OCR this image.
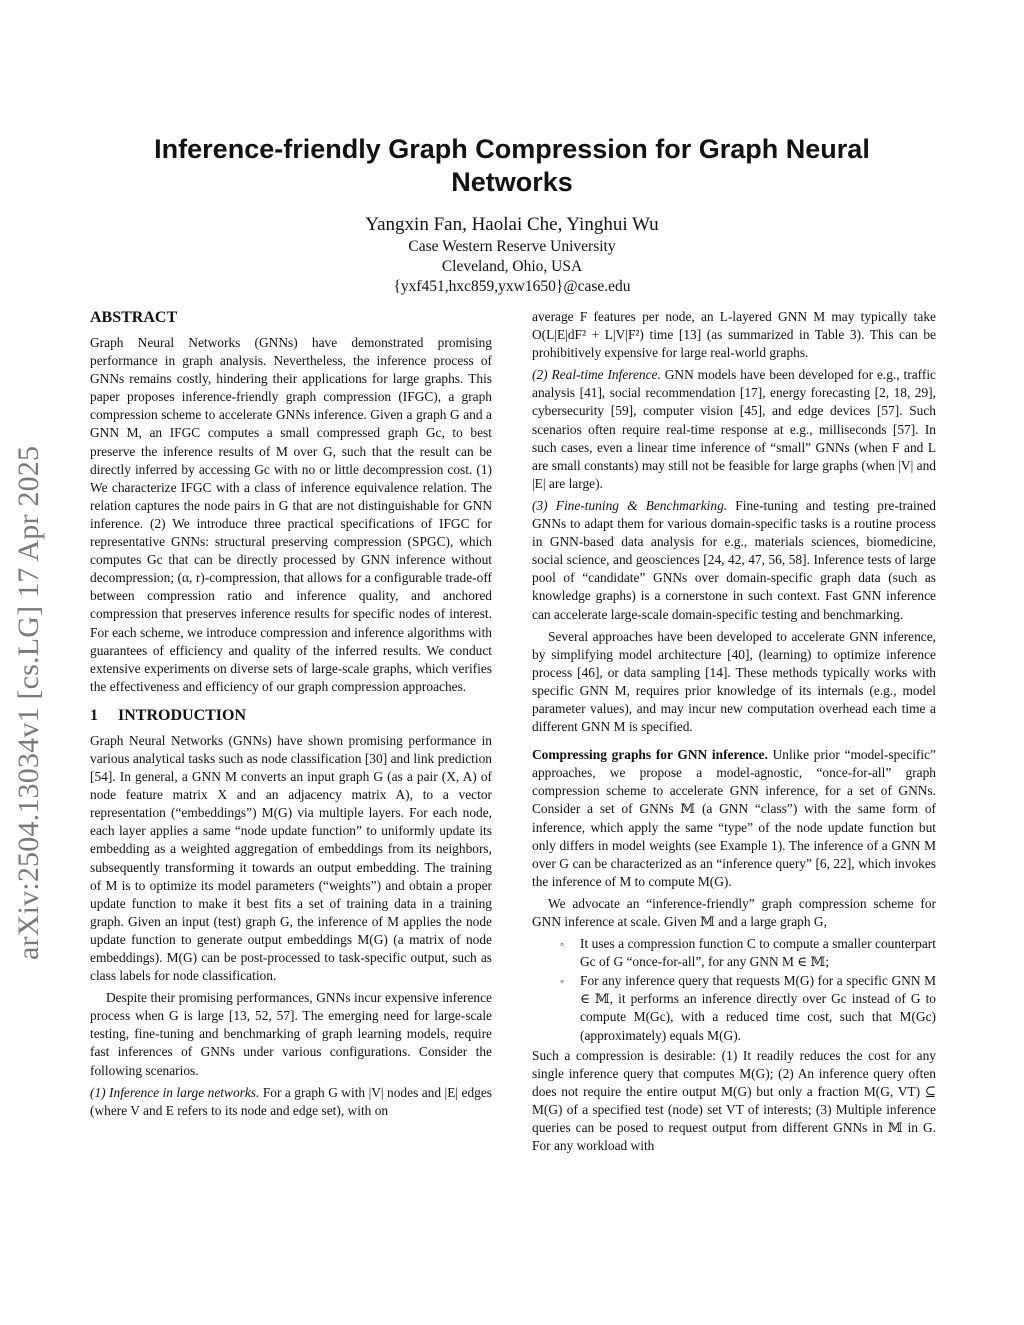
arXiv:2504.13034v1 [cs.LG] 17 Apr 2025
Inference-friendly Graph Compression for Graph Neural Networks
Yangxin Fan, Haolai Che, Yinghui Wu
Case Western Reserve University
Cleveland, Ohio, USA
{yxf451,hxc859,yxw1650}@case.edu
ABSTRACT

Graph Neural Networks (GNNs) have demonstrated promising performance in graph analysis. Nevertheless, the inference process of GNNs remains costly, hindering their applications for large graphs. This paper proposes inference-friendly graph compression (IFGC), a graph compression scheme to accelerate GNNs inference. Given a graph G and a GNN M, an IFGC computes a small compressed graph Gc, to best preserve the inference results of M over G, such that the result can be directly inferred by accessing Gc with no or little decompression cost. (1) We characterize IFGC with a class of inference equivalence relation. The relation captures the node pairs in G that are not distinguishable for GNN inference. (2) We introduce three practical specifications of IFGC for representative GNNs: structural preserving compression (SPGC), which computes Gc that can be directly processed by GNN inference without decompression; (α, r)-compression, that allows for a configurable trade-off between compression ratio and inference quality, and anchored compression that preserves inference results for specific nodes of interest. For each scheme, we introduce compression and inference algorithms with guarantees of efficiency and quality of the inferred results. We conduct extensive experiments on diverse sets of large-scale graphs, which verifies the effectiveness and efficiency of our graph compression approaches.

1 INTRODUCTION

Graph Neural Networks (GNNs) have shown promising performance in various analytical tasks such as node classification [30] and link prediction [54]. In general, a GNN M converts an input graph G (as a pair (X, A) of node feature matrix X and an adjacency matrix A), to a vector representation (“embeddings”) M(G) via multiple layers. For each node, each layer applies a same “node update function” to uniformly update its embedding as a weighted aggregation of embeddings from its neighbors, subsequently transforming it towards an output embedding. The training of M is to optimize its model parameters (“weights”) and obtain a proper update function to make it best fits a set of training data in a training graph. Given an input (test) graph G, the inference of M applies the node update function to generate output embeddings M(G) (a matrix of node embeddings). M(G) can be post-processed to task-specific output, such as class labels for node classification.

Despite their promising performances, GNNs incur expensive inference process when G is large [13, 52, 57]. The emerging need for large-scale testing, fine-tuning and benchmarking of graph learning models, require fast inferences of GNNs under various configurations. Consider the following scenarios.

(1) Inference in large networks. For a graph G with |V| nodes and |E| edges (where V and E refers to its node and edge set), with on

average F features per node, an L-layered GNN M may typically take O(L|E|dF² + L|V|F²) time [13] (as summarized in Table 3). This can be prohibitively expensive for large real-world graphs.

(2) Real-time Inference. GNN models have been developed for e.g., traffic analysis [41], social recommendation [17], energy forecasting [2, 18, 29], cybersecurity [59], computer vision [45], and edge devices [57]. Such scenarios often require real-time response at e.g., milliseconds [57]. In such cases, even a linear time inference of “small” GNNs (when F and L are small constants) may still not be feasible for large graphs (when |V| and |E| are large).

(3) Fine-tuning & Benchmarking. Fine-tuning and testing pre-trained GNNs to adapt them for various domain-specific tasks is a routine process in GNN-based data analysis for e.g., materials sciences, biomedicine, social science, and geosciences [24, 42, 47, 56, 58]. Inference tests of large pool of “candidate” GNNs over domain-specific graph data (such as knowledge graphs) is a cornerstone in such context. Fast GNN inference can accelerate large-scale domain-specific testing and benchmarking.

Several approaches have been developed to accelerate GNN inference, by simplifying model architecture [40], (learning) to optimize inference process [46], or data sampling [14]. These methods typically works with specific GNN M, requires prior knowledge of its internals (e.g., model parameter values), and may incur new computation overhead each time a different GNN M is specified.

Compressing graphs for GNN inference. Unlike prior “model-specific” approaches, we propose a model-agnostic, “once-for-all” graph compression scheme to accelerate GNN inference, for a set of GNNs. Consider a set of GNNs 𝕄 (a GNN “class”) with the same form of inference, which apply the same “type” of the node update function but only differs in model weights (see Example 1). The inference of a GNN M over G can be characterized as an “inference query” [6, 22], which invokes the inference of M to compute M(G).

We advocate an “inference-friendly” graph compression scheme for GNN inference at scale. Given 𝕄 and a large graph G,

◦ It uses a compression function C to compute a smaller counterpart Gc of G “once-for-all”, for any GNN M ∈ 𝕄;
◦ For any inference query that requests M(G) for a specific GNN M ∈ 𝕄, it performs an inference directly over Gc instead of G to compute M(Gc), with a reduced time cost, such that M(Gc) (approximately) equals M(G).

Such a compression is desirable: (1) It readily reduces the cost for any single inference query that computes M(G); (2) An inference query often does not require the entire output M(G) but only a fraction M(G, VT) ⊆ M(G) of a specified test (node) set VT of interests; (3) Multiple inference queries can be posed to request output from different GNNs in 𝕄 in G. For any workload with
